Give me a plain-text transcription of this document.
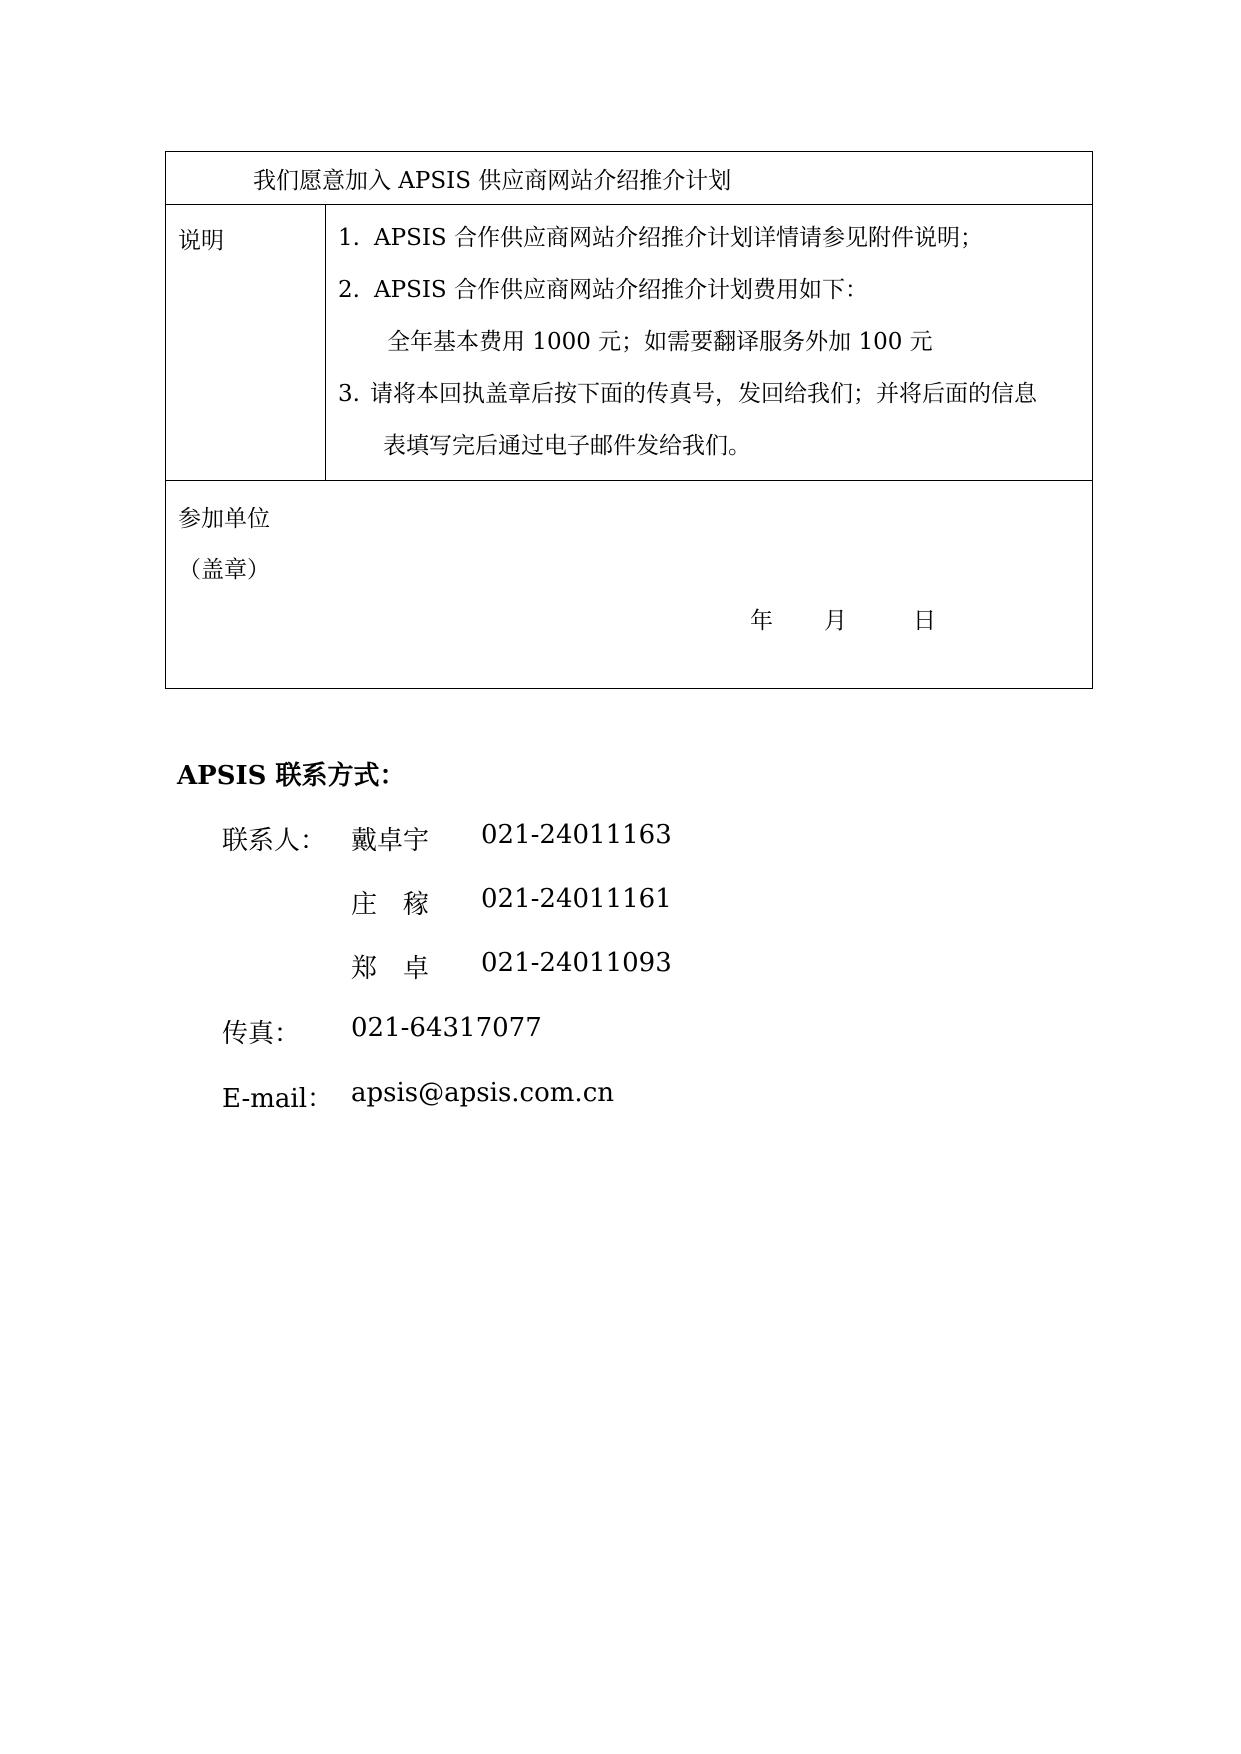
我们愿意加入 APSIS 供应商网站介绍推介计划

说明	1. APSIS 合作供应商网站介绍推介计划详情请参见附件说明；
2. APSIS 合作供应商网站介绍推介计划费用如下：
全年基本费用 1000 元；如需要翻译服务外加 100 元
3. 请将本回执盖章后按下面的传真号，发回给我们；并将后面的信息
表填写完后通过电子邮件发给我们。

参加单位
（盖章）
年 月	日
APSIS 联系方式：
联系人： 戴卓宇 021-24011163
庄　稼 021-24011161
郑　卓 021-24011093
传真： 021-64317077
E-mail： apsis@apsis.com.cn
